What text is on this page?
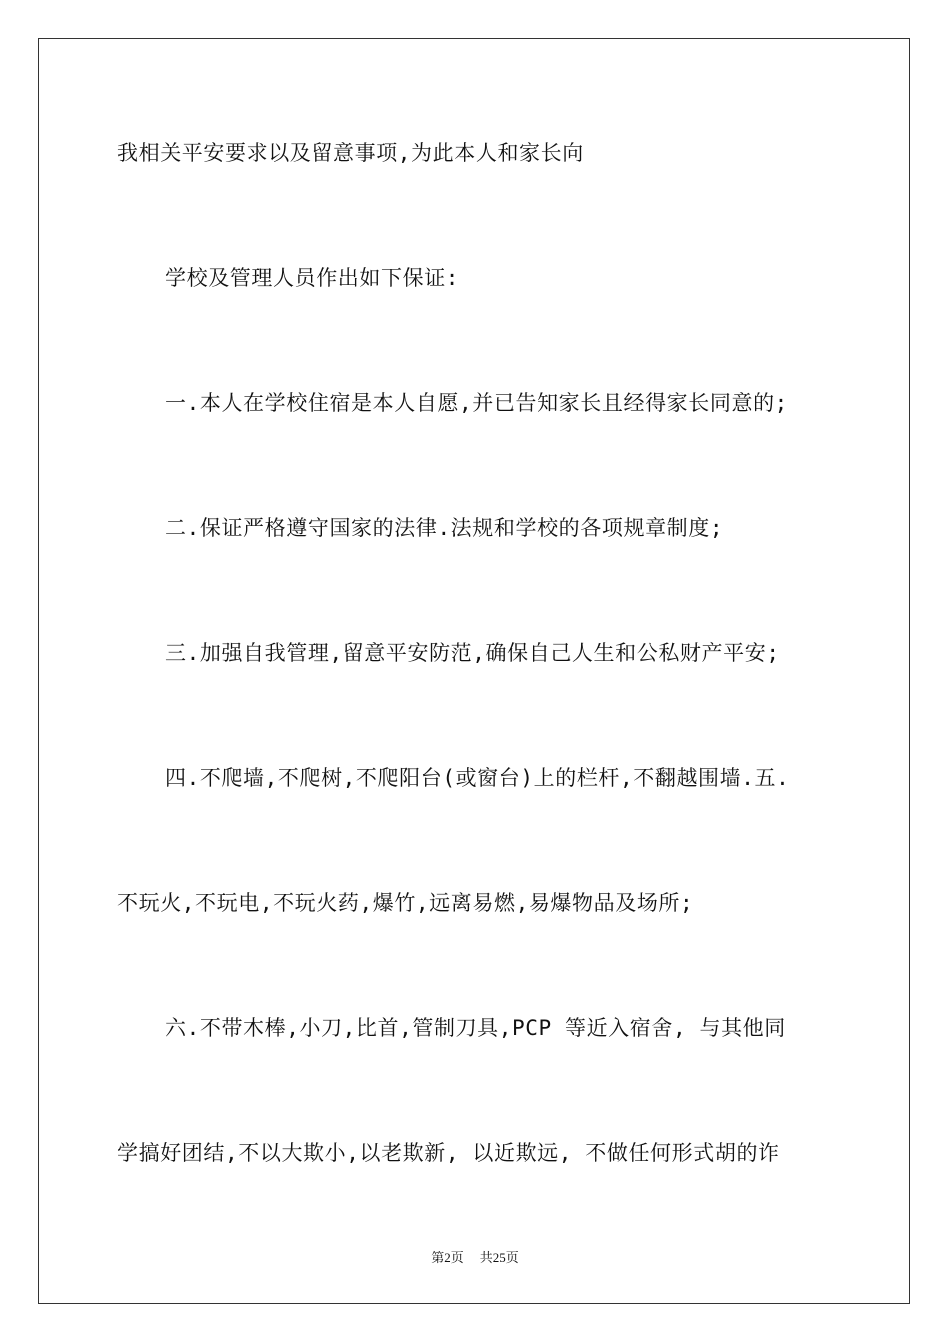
我相关平安要求以及留意事项,为此本人和家长向
学校及管理人员作出如下保证:
一.本人在学校住宿是本人自愿,并已告知家长且经得家长同意的;
二.保证严格遵守国家的法律.法规和学校的各项规章制度;
三.加强自我管理,留意平安防范,确保自己人生和公私财产平安;
四.不爬墙,不爬树,不爬阳台(或窗台)上的栏杆,不翻越围墙.五.
不玩火,不玩电,不玩火药,爆竹,远离易燃,易爆物品及场所;
六.不带木棒,小刀,比首,管制刀具,PCP 等近入宿舍, 与其他同
学搞好团结,不以大欺小,以老欺新, 以近欺远, 不做任何形式胡的诈
第2页 共25页
